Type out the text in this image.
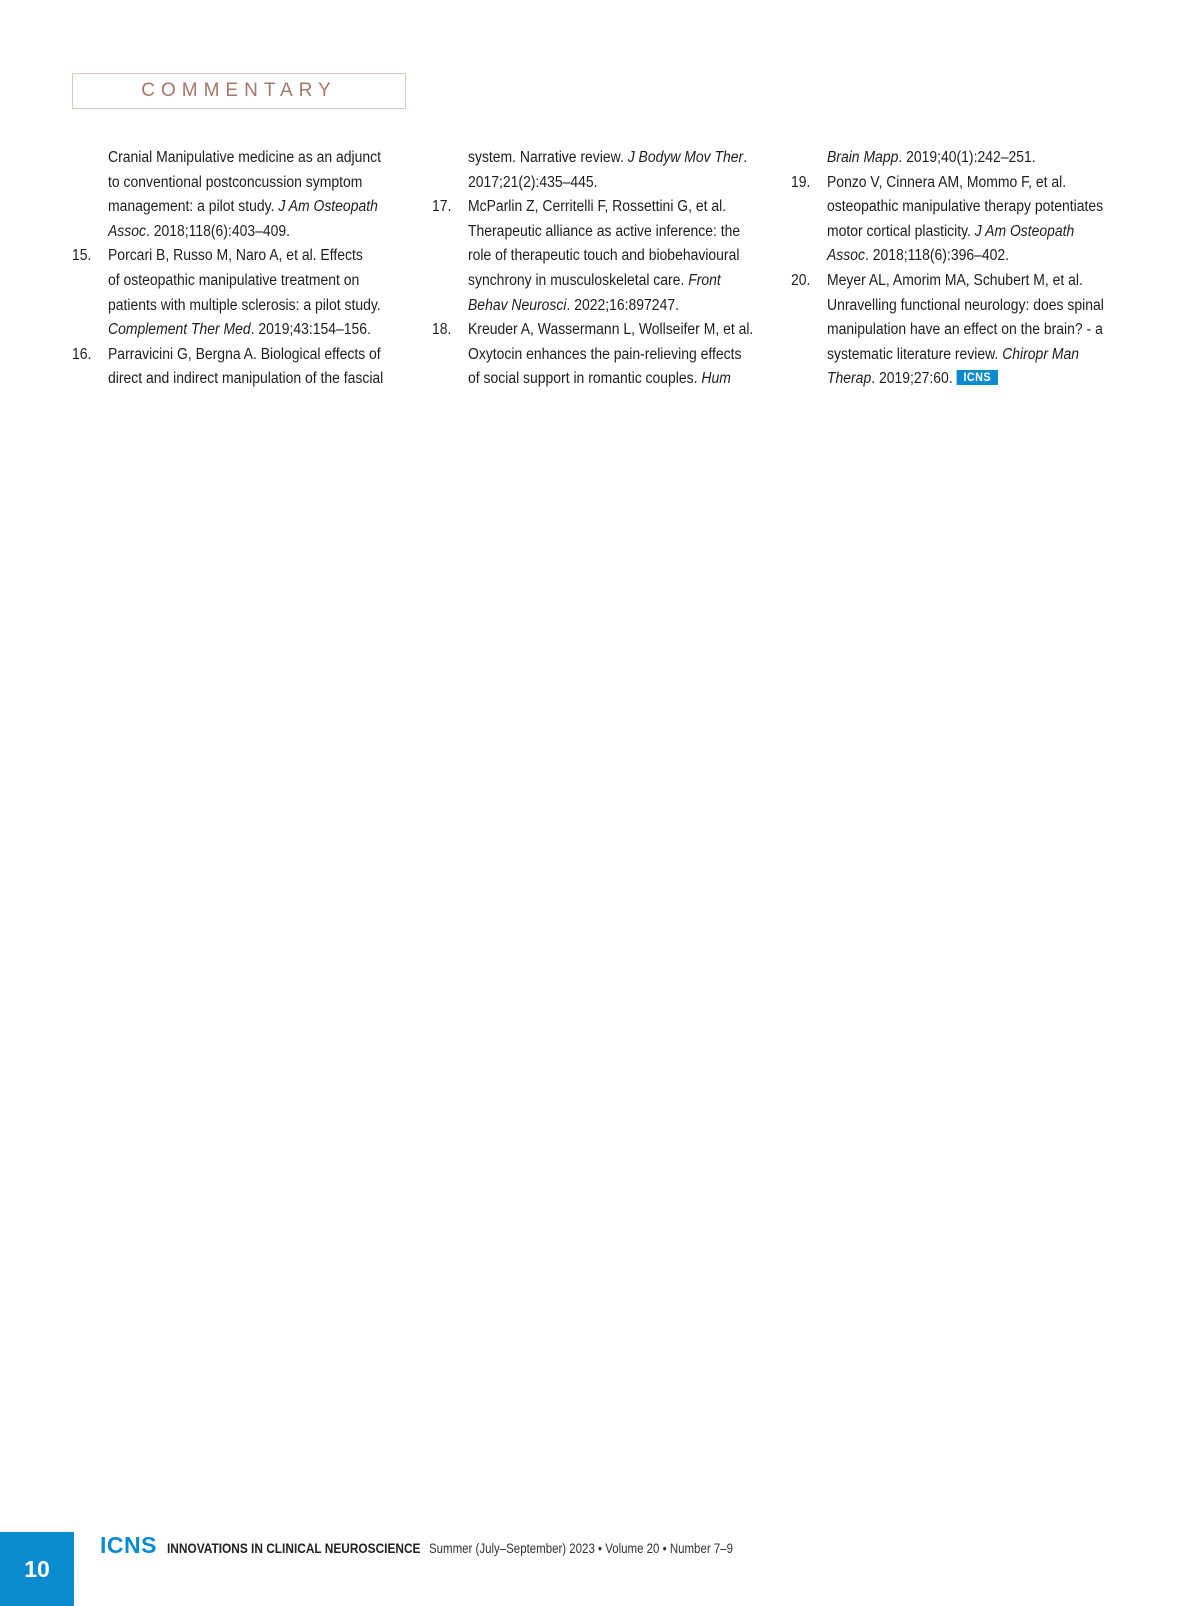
COMMENTARY
Cranial Manipulative medicine as an adjunct
to conventional postconcussion symptom
management: a pilot study. J Am Osteopath
Assoc. 2018;118(6):403–409.
15. Porcari B, Russo M, Naro A, et al. Effects
of osteopathic manipulative treatment on
patients with multiple sclerosis: a pilot study.
Complement Ther Med. 2019;43:154–156.
16. Parravicini G, Bergna A. Biological effects of
direct and indirect manipulation of the fascial
system. Narrative review. J Bodyw Mov Ther.
2017;21(2):435–445.
17. McParlin Z, Cerritelli F, Rossettini G, et al.
Therapeutic alliance as active inference: the
role of therapeutic touch and biobehavioural
synchrony in musculoskeletal care. Front
Behav Neurosci. 2022;16:897247.
18. Kreuder A, Wassermann L, Wollseifer M, et al.
Oxytocin enhances the pain-relieving effects
of social support in romantic couples. Hum
Brain Mapp. 2019;40(1):242–251.
19. Ponzo V, Cinnera AM, Mommo F, et al.
osteopathic manipulative therapy potentiates
motor cortical plasticity. J Am Osteopath
Assoc. 2018;118(6):396–402.
20. Meyer AL, Amorim MA, Schubert M, et al.
Unravelling functional neurology: does spinal
manipulation have an effect on the brain? - a
systematic literature review. Chiropr Man
Therap. 2019;27:60. ICNS
10
ICNS INNOVATIONS IN CLINICAL NEUROSCIENCE Summer (July–September) 2023 • Volume 20 • Number 7–9
